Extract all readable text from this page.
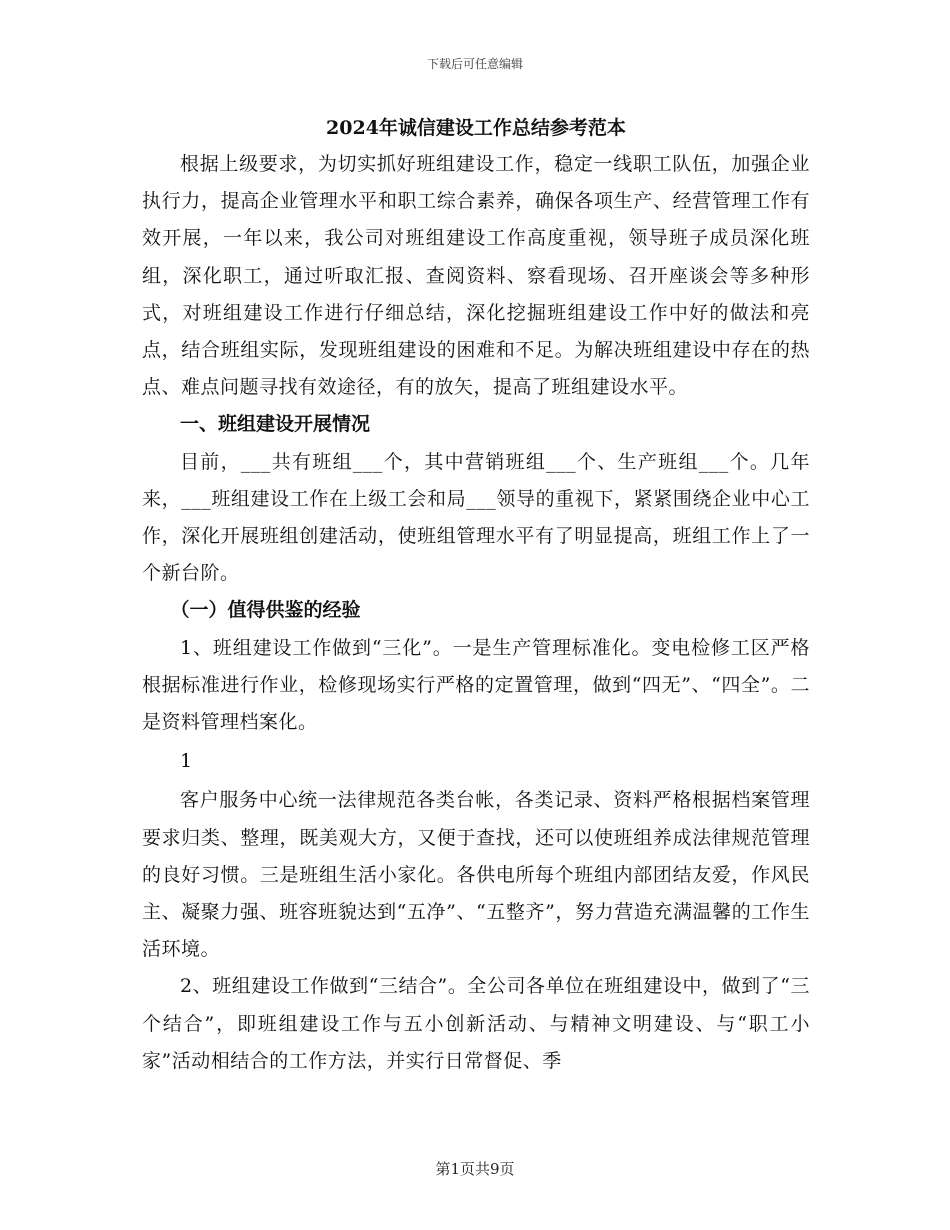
下载后可任意编辑
2024年诚信建设工作总结参考范本

根据上级要求，为切实抓好班组建设工作，稳定一线职工队伍，加强企业执行力，提高企业管理水平和职工综合素养，确保各项生产、经营管理工作有效开展，一年以来，我公司对班组建设工作高度重视，领导班子成员深化班组，深化职工，通过听取汇报、查阅资料、察看现场、召开座谈会等多种形式，对班组建设工作进行仔细总结，深化挖掘班组建设工作中好的做法和亮点，结合班组实际，发现班组建设的困难和不足。为解决班组建设中存在的热点、难点问题寻找有效途径，有的放矢，提高了班组建设水平。

一、班组建设开展情况

目前，___共有班组___个，其中营销班组___个、生产班组___个。几年来，___班组建设工作在上级工会和局___领导的重视下，紧紧围绕企业中心工作，深化开展班组创建活动，使班组管理水平有了明显提高，班组工作上了一个新台阶。

（一）值得供鉴的经验

1、班组建设工作做到“三化”。一是生产管理标准化。变电检修工区严格根据标准进行作业，检修现场实行严格的定置管理，做到“四无”、“四全”。二是资料管理档案化。

1

客户服务中心统一法律规范各类台帐，各类记录、资料严格根据档案管理要求归类、整理，既美观大方，又便于查找，还可以使班组养成法律规范管理的良好习惯。三是班组生活小家化。各供电所每个班组内部团结友爱，作风民主、凝聚力强、班容班貌达到“五净”、“五整齐”，努力营造充满温馨的工作生活环境。

2、班组建设工作做到“三结合”。全公司各单位在班组建设中，做到了“三个结合”，即班组建设工作与五小创新活动、与精神文明建设、与“职工小家”活动相结合的工作方法，并实行日常督促、季

第1页共9页
